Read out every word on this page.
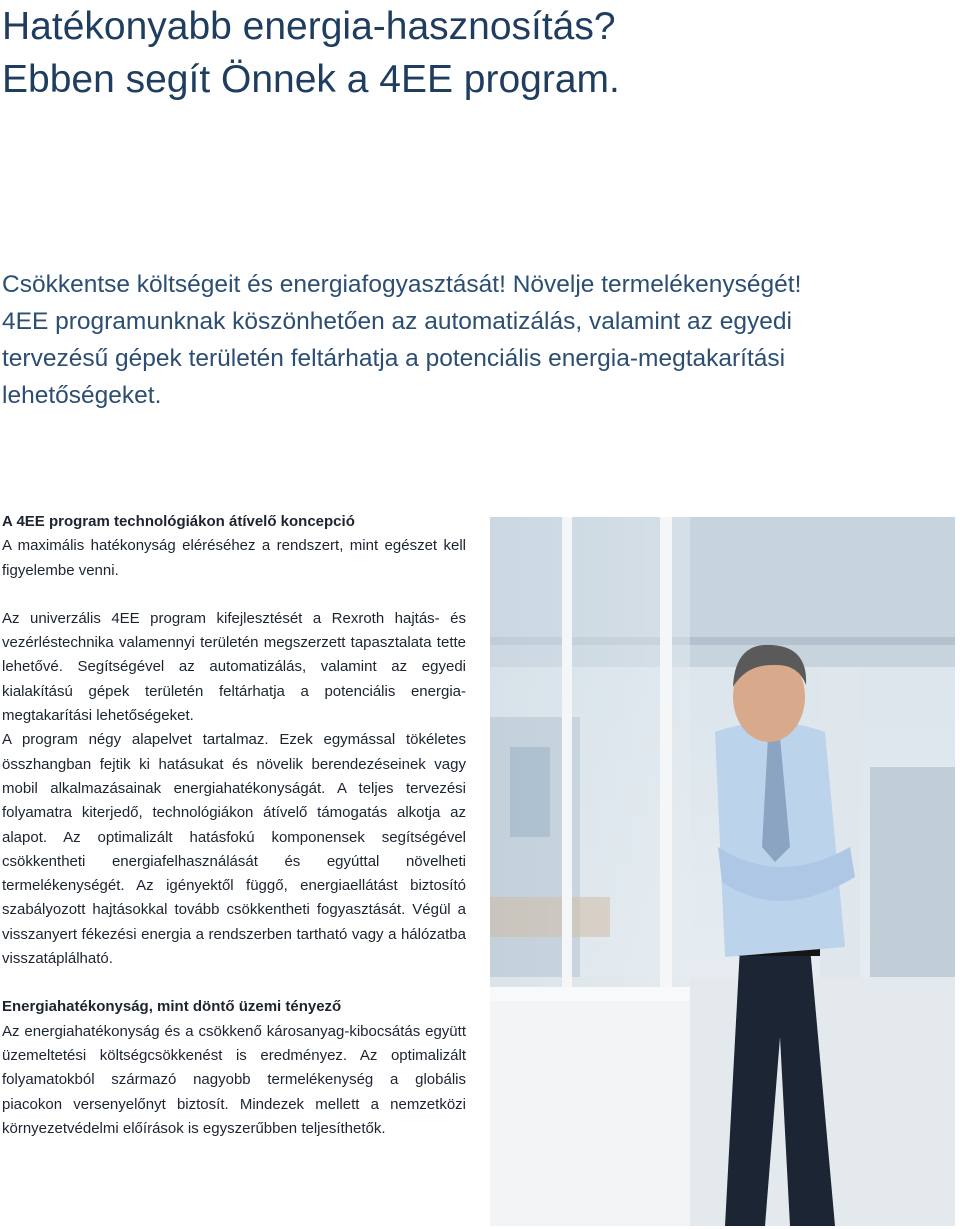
Hatékonyabb energia-hasznosítás?
Ebben segít Önnek a 4EE program.

Csökkentse költségeit és energiafogyasztását! Növelje termelékenységét!
4EE programunknak köszönhetően az automatizálás, valamint az egyedi
tervezésű gépek területén feltárhatja a potenciális energia-megtakarítási
lehetőségeket.

A 4EE program technológiákon átívelő koncepció

A maximális hatékonyság eléréséhez a rendszert, mint egészet kell figyelembe venni.

Az univerzális 4EE program kifejlesztését a Rexroth hajtás- és vezérléstechnika valamennyi területén megszerzett tapasztalata tette lehetővé. Segítségével az automatizálás, valamint az egyedi kialakítású gépek területén feltárhatja a potenciális energia-megtakarítási lehetőségeket.

A program négy alapelvet tartalmaz. Ezek egymással tökéletes összhangban fejtik ki hatásukat és növelik berendezéseinek vagy mobil alkalmazásainak energiahatékonyságát. A teljes tervezési folyamatra kiterjedő, technológiákon átívelő támogatás alkotja az alapot. Az optimalizált hatásfokú komponensek segítségével csökkentheti energiafelhasználását és egyúttal növelheti termelékenységét. Az igényektől függő, energiaellátást biztosító szabályozott hajtásokkal tovább csökkentheti fogyasztását. Végül a visszanyert fékezési energia a rendszerben tartható vagy a hálózatba visszatáplálható.

Energiahatékonyság, mint döntő üzemi tényező

Az energiahatékonyság és a csökkenő károsanyag-kibocsátás együtt üzemeltetési költségcsökkenést is eredményez. Az optimalizált folyamatokból származó nagyobb termelékenység a globális piacokon versenyelőnyt biztosít. Mindezek mellett a nemzetközi környezetvédelmi előírások is egyszerűbben teljesíthetők.
